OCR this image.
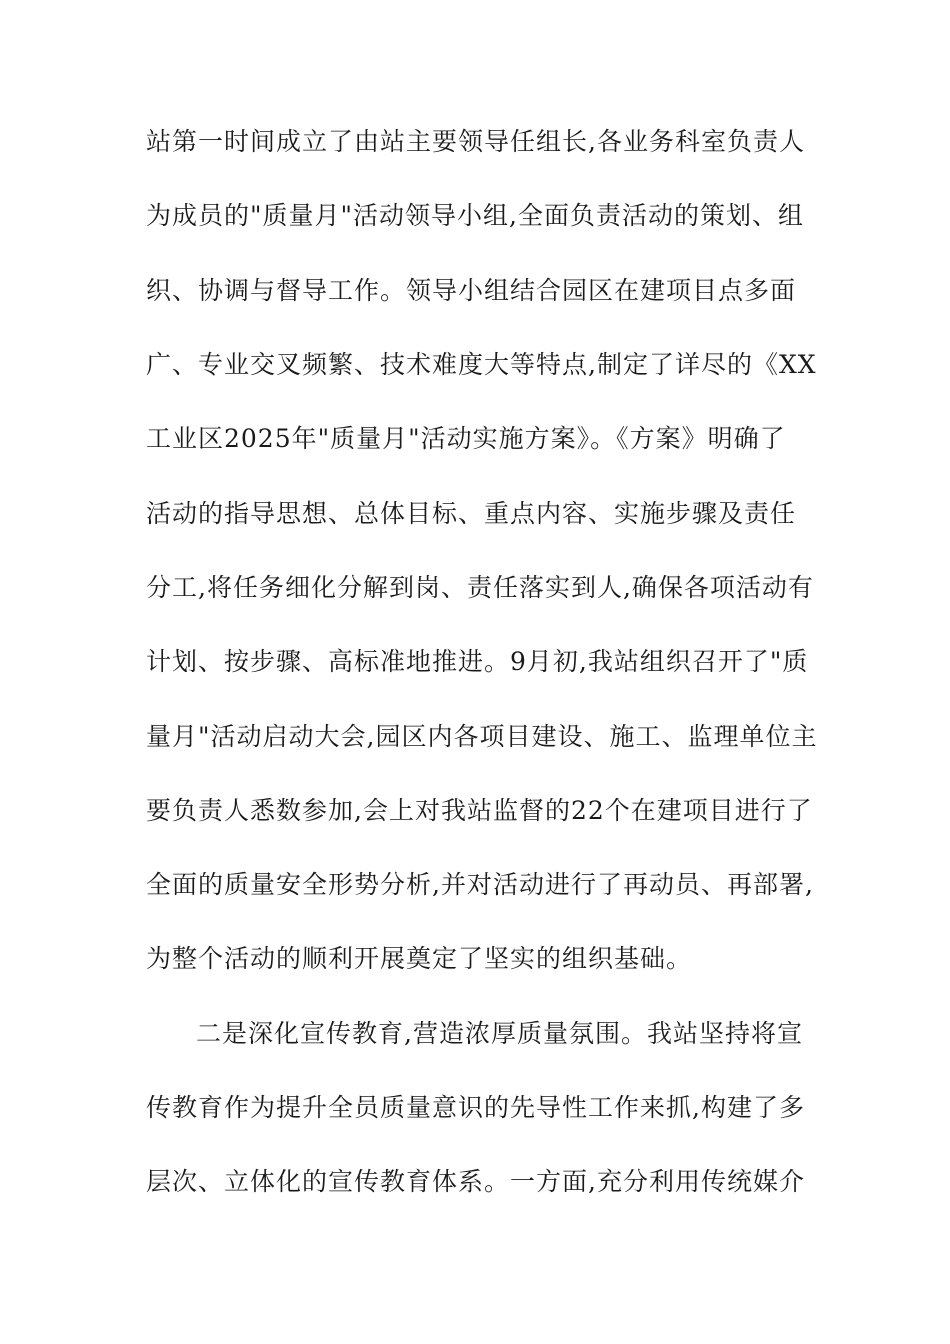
站第一时间成立了由站主要领导任组长,各业务科室负责人
为成员的"质量月"活动领导小组,全面负责活动的策划、组
织、协调与督导工作。领导小组结合园区在建项目点多面
广、专业交叉频繁、技术难度大等特点,制定了详尽的《XX
工业区2025年"质量月"活动实施方案》。《方案》明确了
活动的指导思想、总体目标、重点内容、实施步骤及责任
分工,将任务细化分解到岗、责任落实到人,确保各项活动有
计划、按步骤、高标准地推进。9月初,我站组织召开了"质
量月"活动启动大会,园区内各项目建设、施工、监理单位主
要负责人悉数参加,会上对我站监督的22个在建项目进行了
全面的质量安全形势分析,并对活动进行了再动员、再部署,
为整个活动的顺利开展奠定了坚实的组织基础。
二是深化宣传教育,营造浓厚质量氛围。我站坚持将宣
传教育作为提升全员质量意识的先导性工作来抓,构建了多
层次、立体化的宣传教育体系。一方面,充分利用传统媒介
